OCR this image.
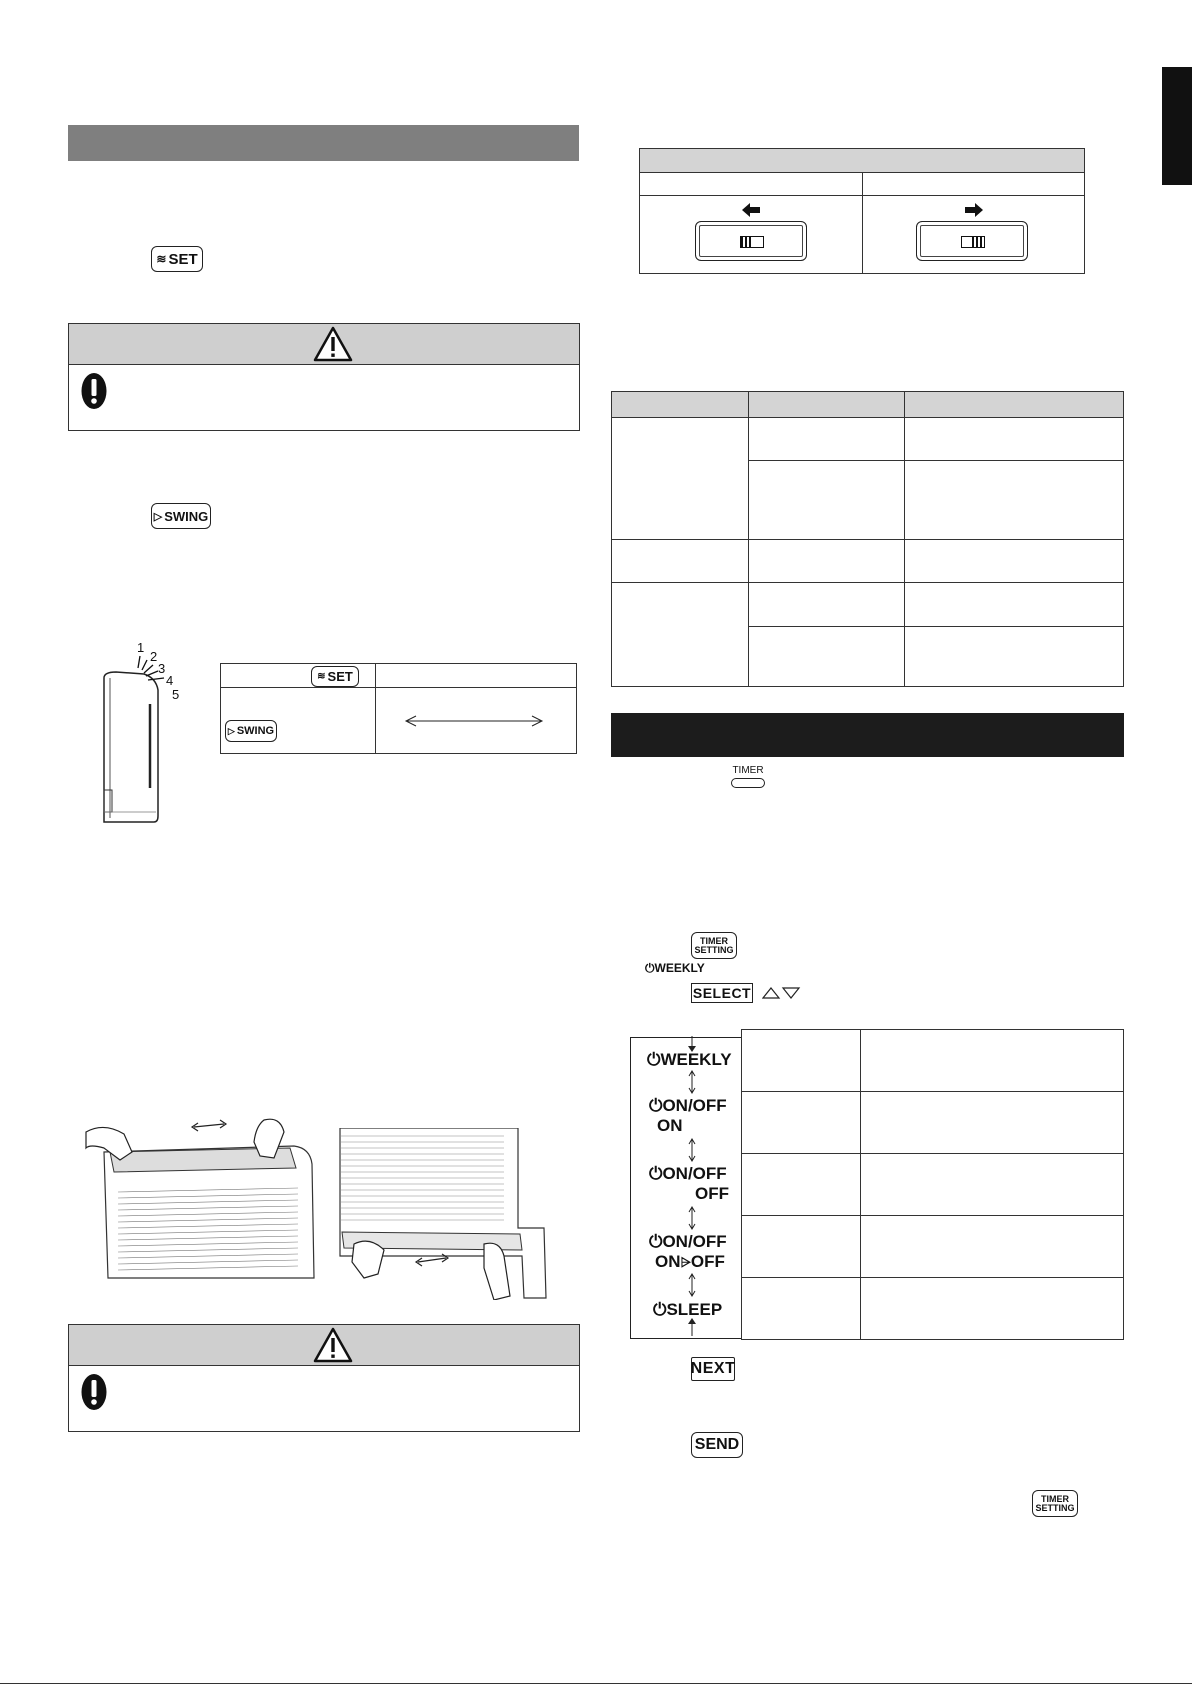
≋ SET
▷ SWING
1
2
3
4
5
≋ SET	

▷ SWING

TIMER
TIMER
SETTING
⏻WEEKLY
SELECT
⏻WEEKLY
⏻ON/OFF
ON
⏻ON/OFF
OFF
⏻ON/OFF
ON⩥OFF
⏻SLEEP

NEXT
SEND
TIMER
SETTING
